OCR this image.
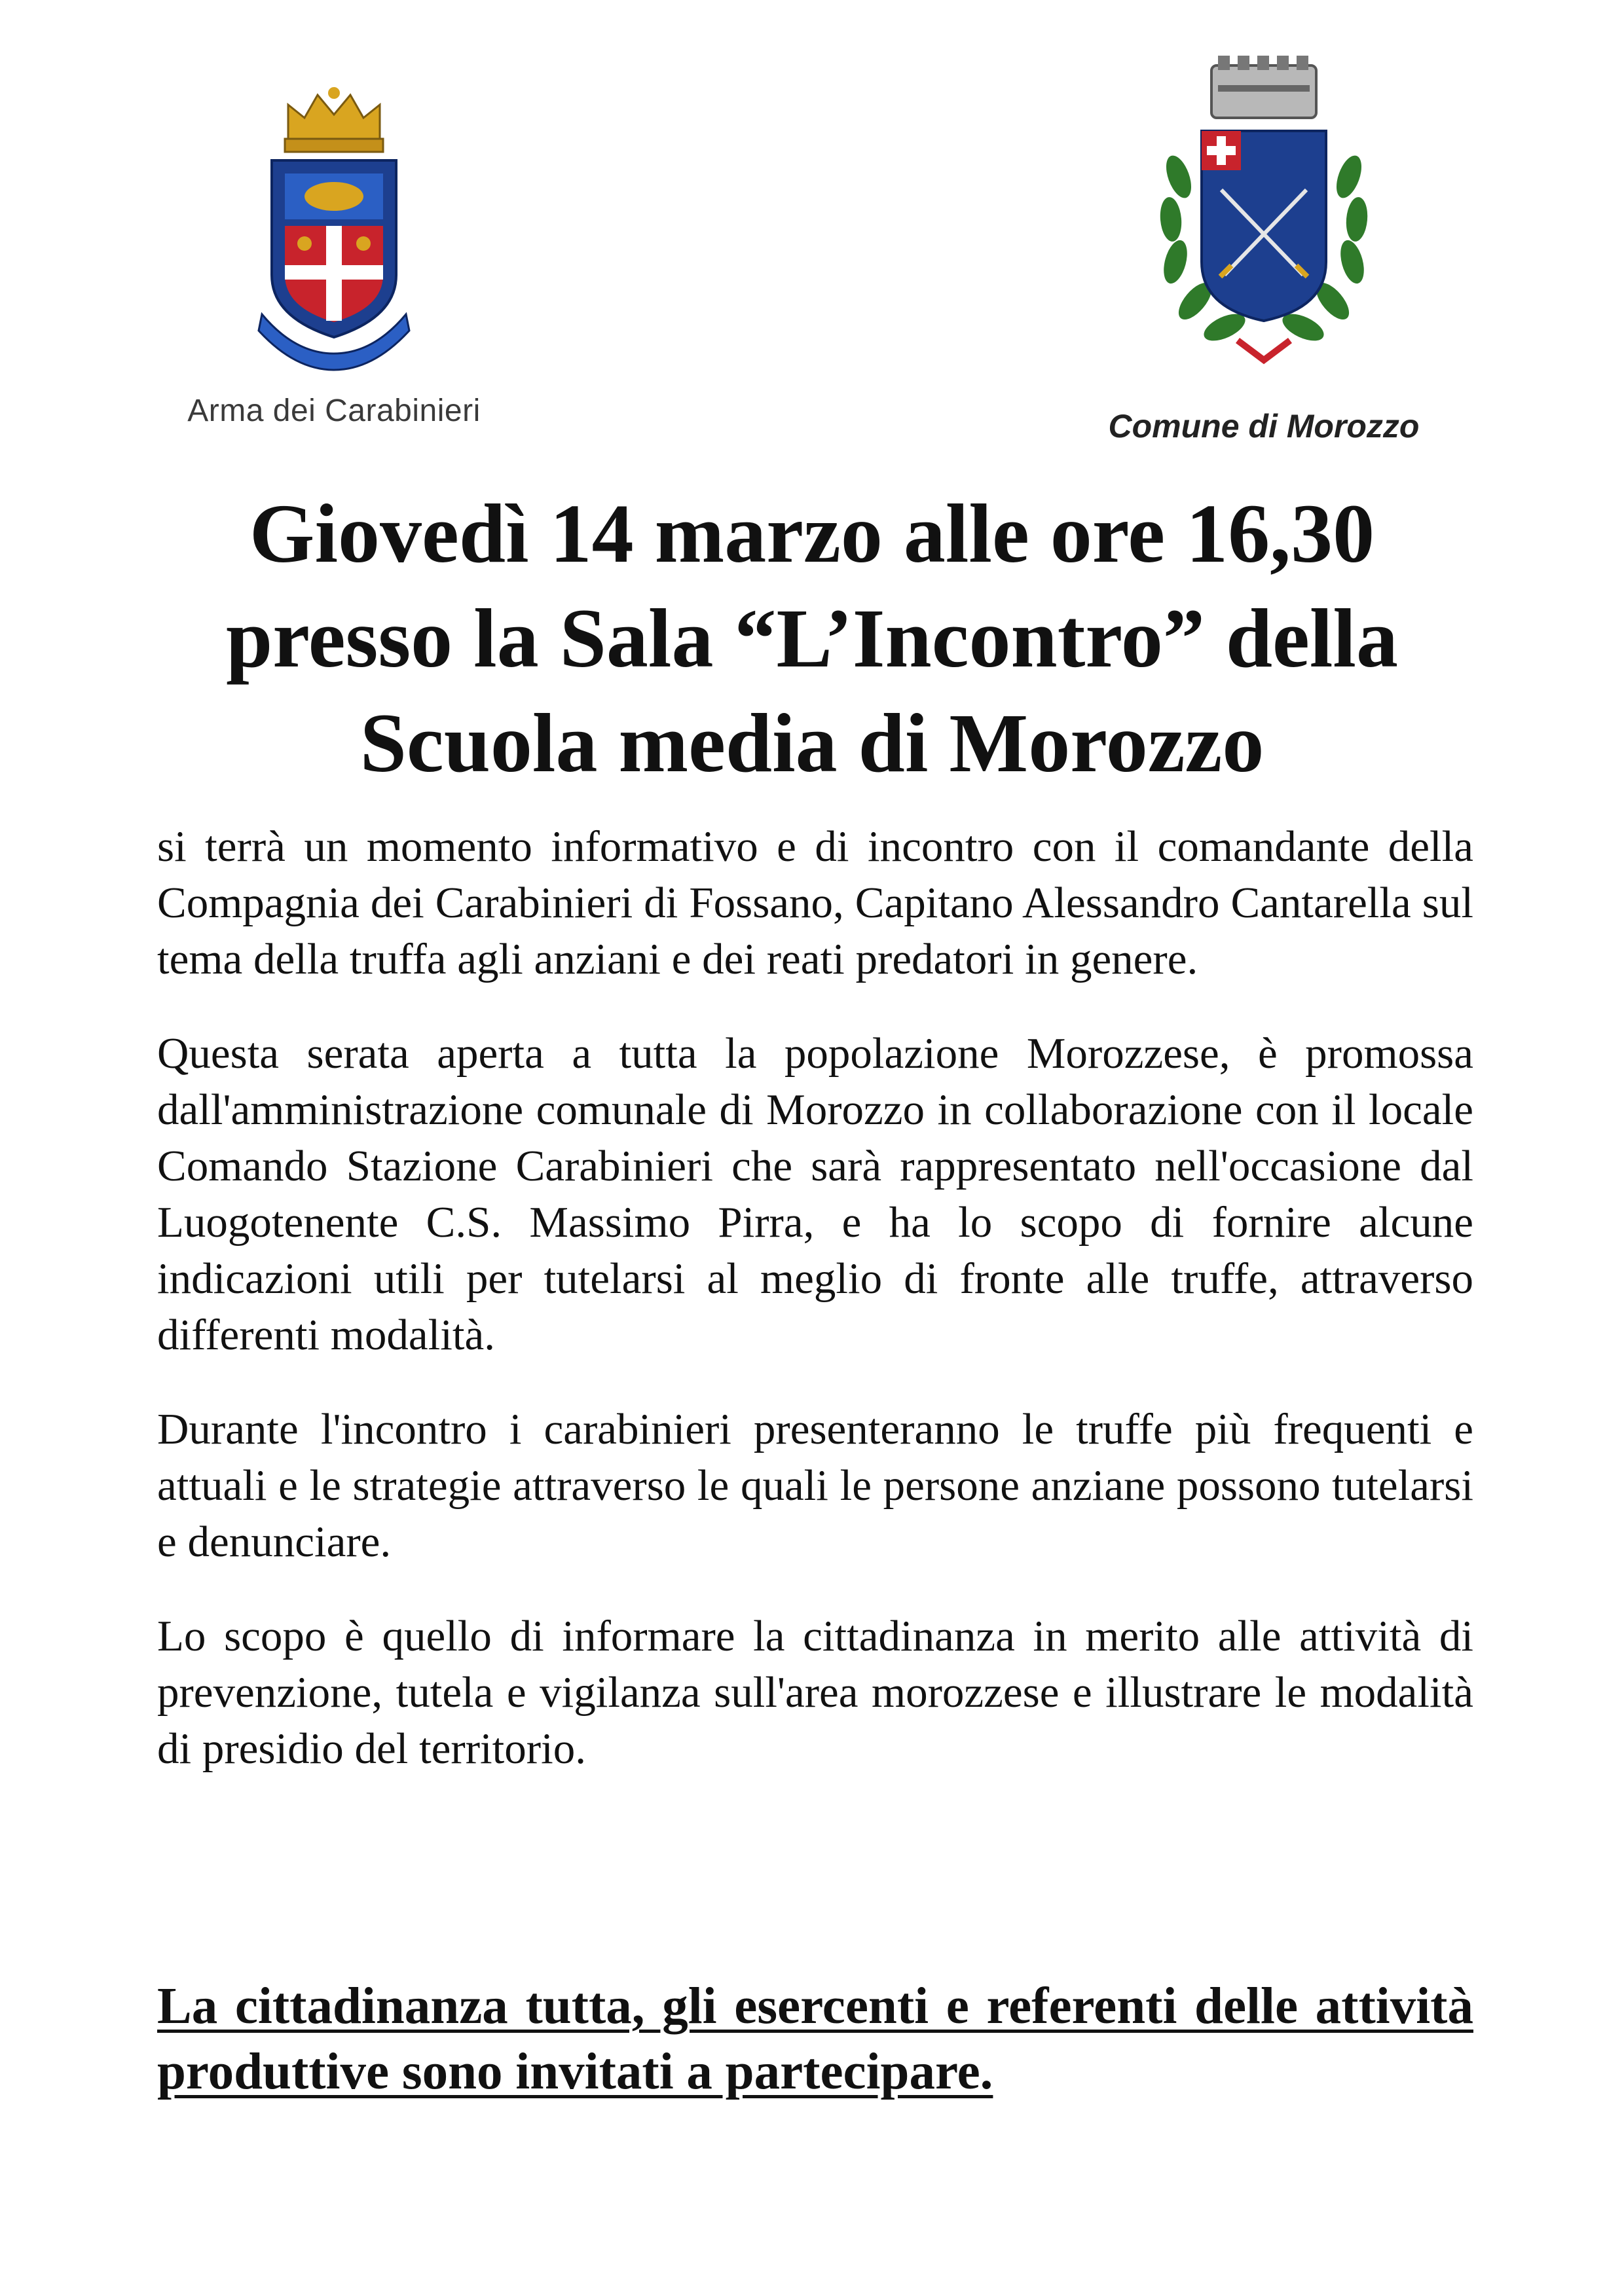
Arma dei Carabinieri	Comune di Morozzo
Giovedì 14 marzo alle ore 16,30
presso la Sala “L’Incontro” della
Scuola media di Morozzo

si terrà un momento informativo e di incontro con il comandante della Compagnia dei Carabinieri di Fossano, Capitano Alessandro Cantarella sul tema della truffa agli anziani e dei reati predatori in genere.

Questa serata aperta a tutta la popolazione Morozzese, è promossa dall'amministrazione comunale di Morozzo in collaborazione con il locale Comando Stazione Carabinieri che sarà rappresentato nell'occasione dal Luogotenente C.S. Massimo Pirra, e ha lo scopo di fornire alcune indicazioni utili per tutelarsi al meglio di fronte alle truffe, attraverso differenti modalità.

Durante l'incontro i carabinieri presenteranno le truffe più frequenti e attuali e le strategie attraverso le quali le persone anziane possono tutelarsi e denunciare.

Lo scopo è quello di informare la cittadinanza in merito alle attività di prevenzione, tutela e vigilanza sull'area morozzese e illustrare le modalità di presidio del territorio.

La cittadinanza tutta, gli esercenti e referenti delle attività produttive sono invitati a partecipare.
